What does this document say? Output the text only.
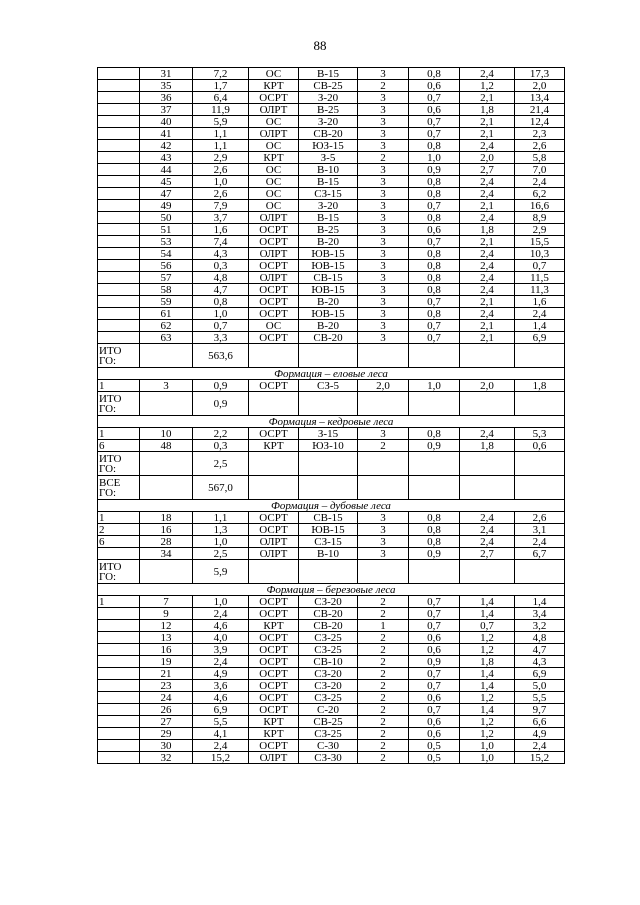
88
	31	7,2	ОС	В-15	3	0,8	2,4	17,3
	35	1,7	КРТ	СВ-25	2	0,6	1,2	2,0
	36	6,4	ОСРТ	З-20	3	0,7	2,1	13,4
	37	11,9	ОЛРТ	В-25	3	0,6	1,8	21,4
	40	5,9	ОС	З-20	3	0,7	2,1	12,4
	41	1,1	ОЛРТ	СВ-20	3	0,7	2,1	2,3
	42	1,1	ОС	ЮЗ-15	3	0,8	2,4	2,6
	43	2,9	КРТ	З-5	2	1,0	2,0	5,8
	44	2,6	ОС	В-10	3	0,9	2,7	7,0
	45	1,0	ОС	В-15	3	0,8	2,4	2,4
	47	2,6	ОС	СЗ-15	3	0,8	2,4	6,2
	49	7,9	ОС	З-20	3	0,7	2,1	16,6
	50	3,7	ОЛРТ	В-15	3	0,8	2,4	8,9
	51	1,6	ОСРТ	В-25	3	0,6	1,8	2,9
	53	7,4	ОСРТ	В-20	3	0,7	2,1	15,5
	54	4,3	ОЛРТ	ЮВ-15	3	0,8	2,4	10,3
	56	0,3	ОСРТ	ЮВ-15	3	0,8	2,4	0,7
	57	4,8	ОЛРТ	СВ-15	3	0,8	2,4	11,5
	58	4,7	ОСРТ	ЮВ-15	3	0,8	2,4	11,3
	59	0,8	ОСРТ	В-20	3	0,7	2,1	1,6
	61	1,0	ОСРТ	ЮВ-15	3	0,8	2,4	2,4
	62	0,7	ОС	В-20	3	0,7	2,1	1,4
	63	3,3	ОСРТ	СВ-20	3	0,7	2,1	6,9
ИТО ГО:		563,6						
Формация – еловые леса								
1	3	0,9	ОСРТ	СЗ-5	2,0	1,0	2,0	1,8
ИТО ГО:		0,9						
Формация – кедровые леса								
1	10	2,2	ОСРТ	З-15	3	0,8	2,4	5,3
6	48	0,3	КРТ	ЮЗ-10	2	0,9	1,8	0,6
ИТО ГО:		2,5						
ВСЕ ГО:		567,0						
Формация – дубовые леса								
1	18	1,1	ОСРТ	СВ-15	3	0,8	2,4	2,6
2	16	1,3	ОСРТ	ЮВ-15	3	0,8	2,4	3,1
6	28	1,0	ОЛРТ	СЗ-15	3	0,8	2,4	2,4
	34	2,5	ОЛРТ	В-10	3	0,9	2,7	6,7
ИТО ГО:		5,9						
Формация – березовые леса								
1	7	1,0	ОСРТ	СЗ-20	2	0,7	1,4	1,4
	9	2,4	ОСРТ	СВ-20	2	0,7	1,4	3,4
	12	4,6	КРТ	СВ-20	1	0,7	0,7	3,2
	13	4,0	ОСРТ	СЗ-25	2	0,6	1,2	4,8
	16	3,9	ОСРТ	СЗ-25	2	0,6	1,2	4,7
	19	2,4	ОСРТ	СВ-10	2	0,9	1,8	4,3
	21	4,9	ОСРТ	СЗ-20	2	0,7	1,4	6,9
	23	3,6	ОСРТ	СЗ-20	2	0,7	1,4	5,0
	24	4,6	ОСРТ	СЗ-25	2	0,6	1,2	5,5
	26	6,9	ОСРТ	С-20	2	0,7	1,4	9,7
	27	5,5	КРТ	СВ-25	2	0,6	1,2	6,6
	29	4,1	КРТ	СЗ-25	2	0,6	1,2	4,9
	30	2,4	ОСРТ	С-30	2	0,5	1,0	2,4
	32	15,2	ОЛРТ	СЗ-30	2	0,5	1,0	15,2
